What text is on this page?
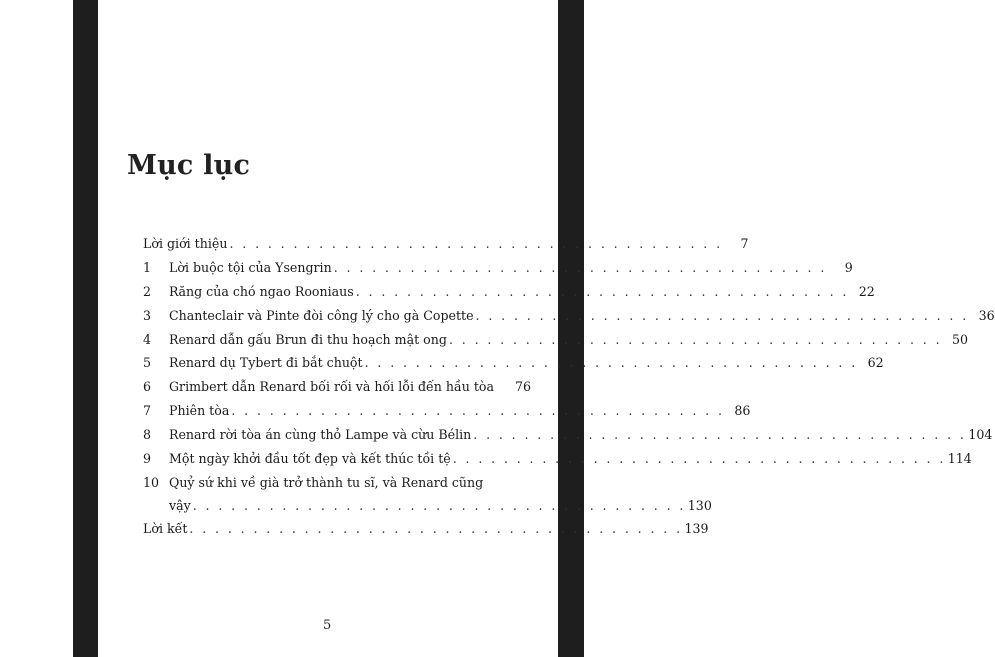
Mục lục
Lời giới thiệu . . . . . . . . . . . . . . . . . . . . . . . . . . . . . . . . . . . . . . .	7
1	Lời buộc tội của Ysengrin . . . . . . . . . . . . . . . . . . . . . . . . . . . . . . . . . . . . . . .	9
2	Răng của chó ngao Rooniaus . . . . . . . . . . . . . . . . . . . . . . . . . . . . . . . . . . . . . . . 22
3	Chanteclair và Pinte đòi công lý cho gà Copette . . . . . . . . . . . . . . . . . . . . . . . . . . . . . . . . . . . . . . . 36
4	Renard dẫn gấu Brun đi thu hoạch mật ong . . . . . . . . . . . . . . . . . . . . . . . . . . . . . . . . . . . . . . . 50
5	Renard dụ Tybert đi bắt chuột . . . . . . . . . . . . . . . . . . . . . . . . . . . . . . . . . . . . . . . 62
6	Grimbert dẫn Renard bối rối và hối lỗi đến hầu tòa	76
7	Phiên tòa . . . . . . . . . . . . . . . . . . . . . . . . . . . . . . . . . . . . . . . 86
8	Renard rời tòa án cùng thỏ Lampe và cừu Bélin . . . . . . . . . . . . . . . . . . . . . . . . . . . . . . . . . . . . . . . 104
9	Một ngày khởi đầu tốt đẹp và kết thúc tồi tệ . . . . . . . . . . . . . . . . . . . . . . . . . . . . . . . . . . . . . . . 114
10 Quỷ sứ khi về già trở thành tu sĩ, và Renard cũng
vậy . . . . . . . . . . . . . . . . . . . . . . . . . . . . . . . . . . . . . . . 130
Lời kết . . . . . . . . . . . . . . . . . . . . . . . . . . . . . . . . . . . . . . . 139
5
